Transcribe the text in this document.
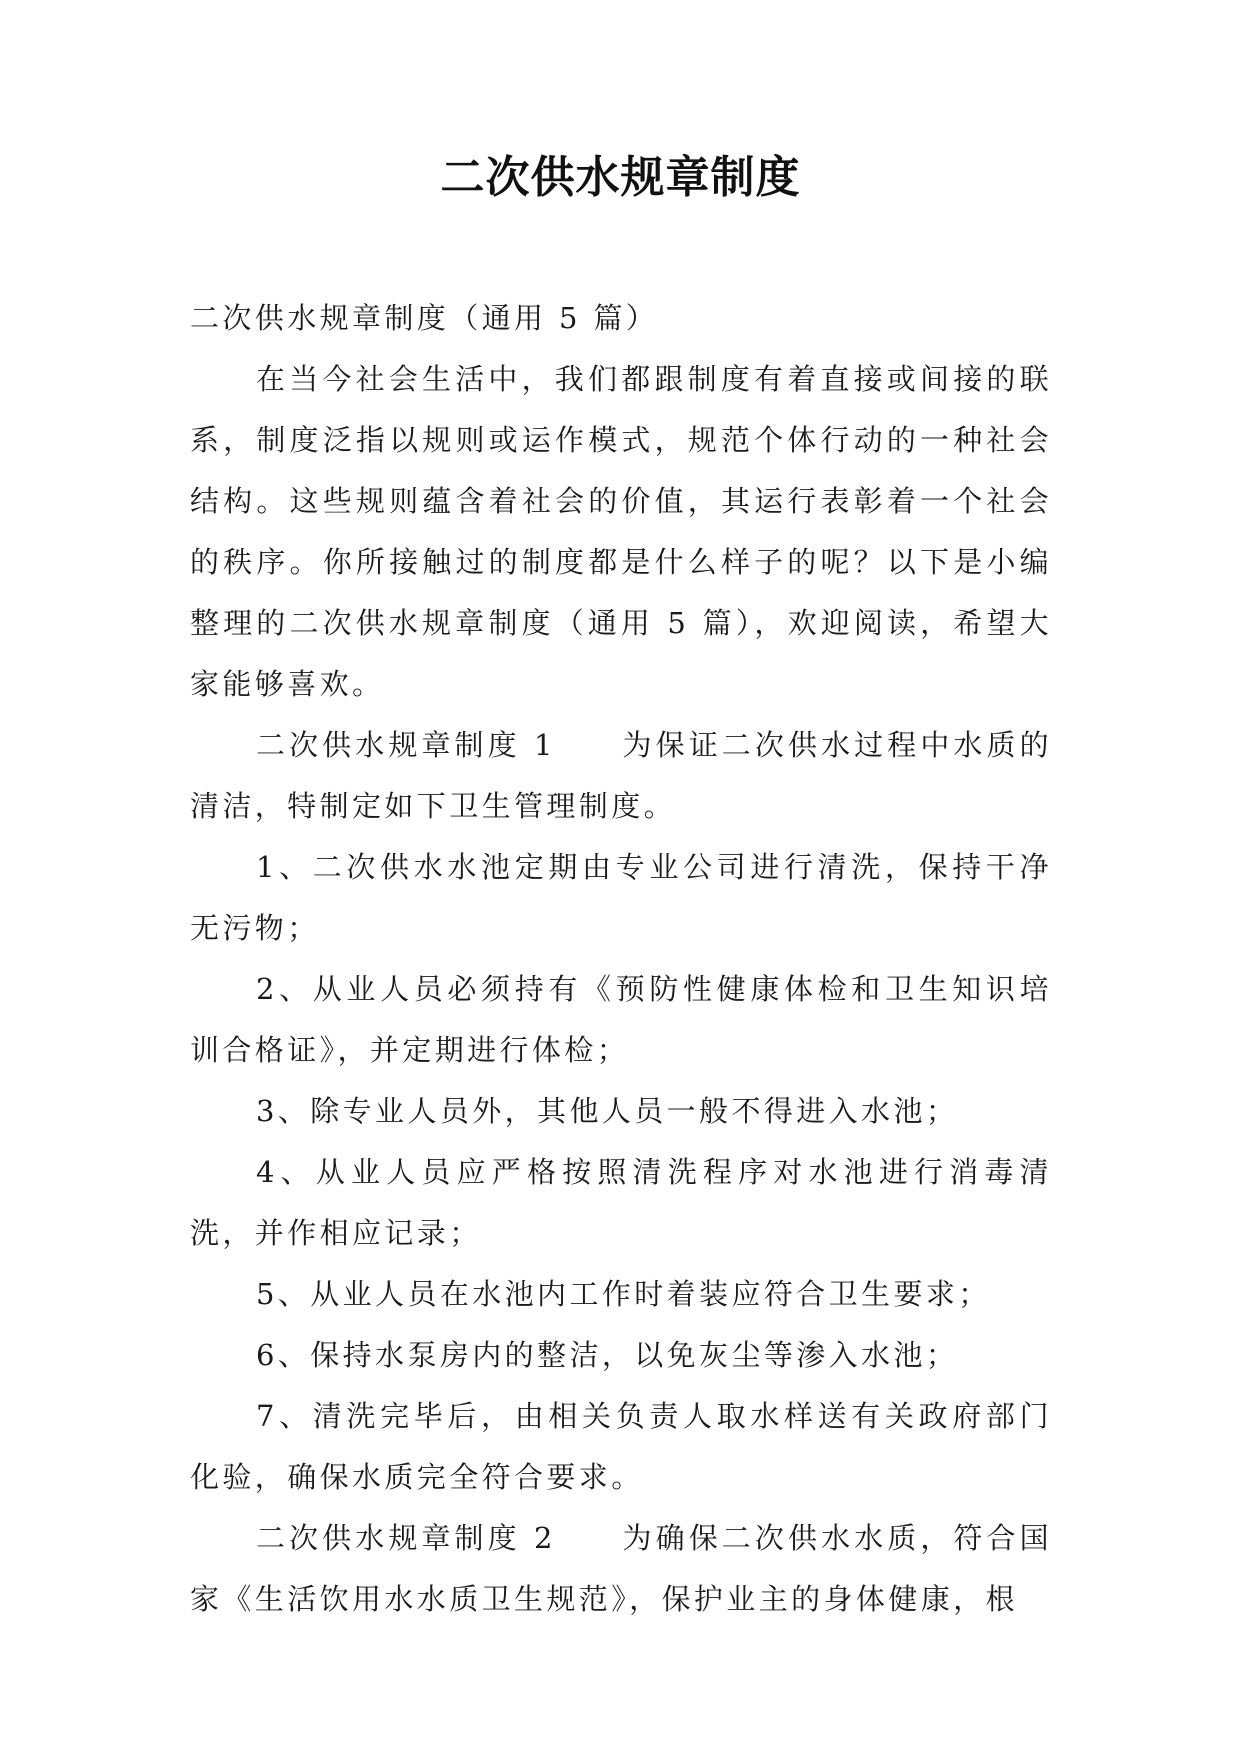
二次供水规章制度

二次供水规章制度（通用 5 篇）

在当今社会生活中，我们都跟制度有着直接或间接的联系，制度泛指以规则或运作模式，规范个体行动的一种社会结构。这些规则蕴含着社会的价值，其运行表彰着一个社会的秩序。你所接触过的制度都是什么样子的呢？以下是小编整理的二次供水规章制度（通用 5 篇），欢迎阅读，希望大家能够喜欢。

二次供水规章制度 1 为保证二次供水过程中水质的清洁，特制定如下卫生管理制度。

1、二次供水水池定期由专业公司进行清洗，保持干净无污物；

2、从业人员必须持有《预防性健康体检和卫生知识培训合格证》，并定期进行体检；

3、除专业人员外，其他人员一般不得进入水池；

4、从业人员应严格按照清洗程序对水池进行消毒清洗，并作相应记录；

5、从业人员在水池内工作时着装应符合卫生要求；

6、保持水泵房内的整洁，以免灰尘等渗入水池；

7、清洗完毕后，由相关负责人取水样送有关政府部门化验，确保水质完全符合要求。

二次供水规章制度 2 为确保二次供水水质，符合国家《生活饮用水水质卫生规范》，保护业主的身体健康，根
